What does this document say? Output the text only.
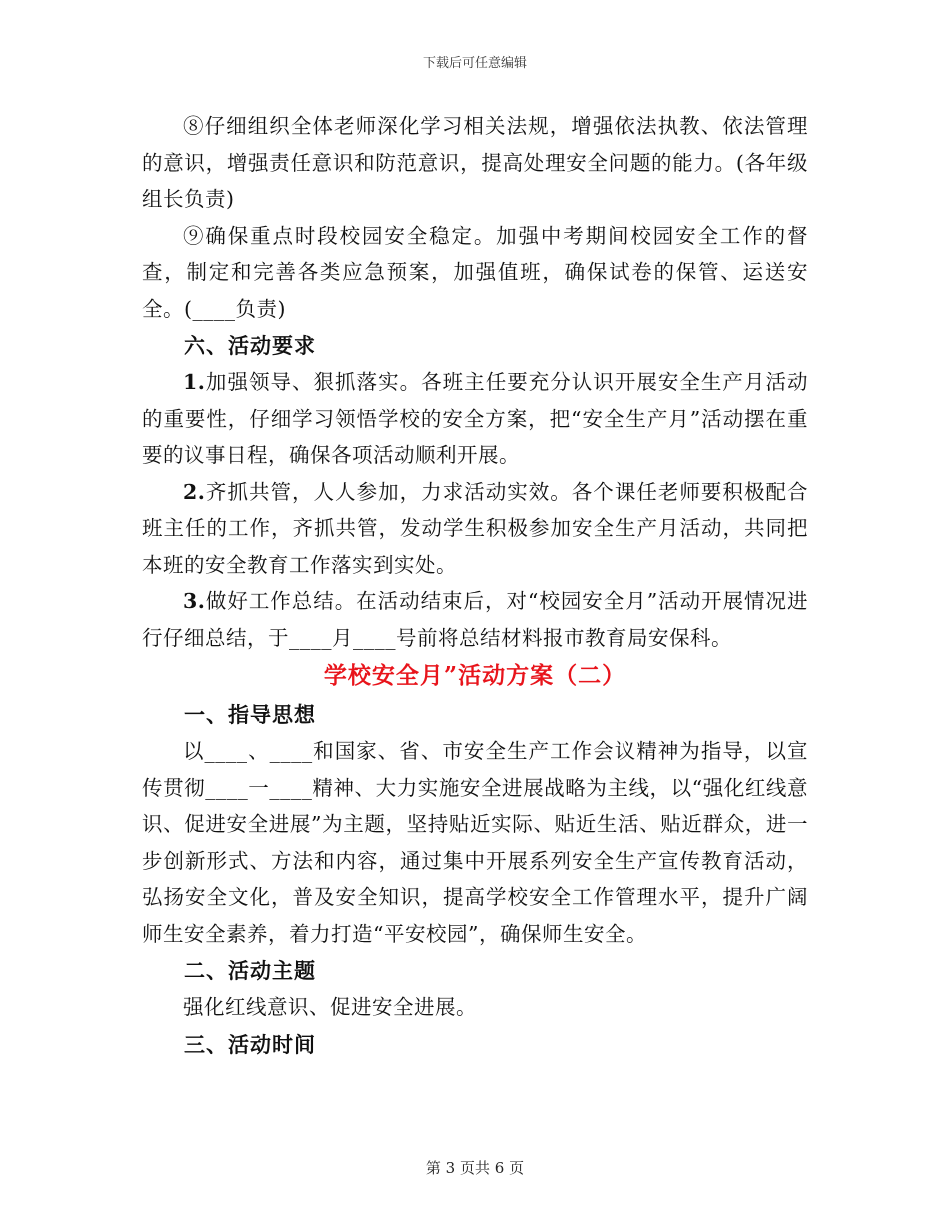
下载后可任意编辑

⑧仔细组织全体老师深化学习相关法规，增强依法执教、依法管理的意识，增强责任意识和防范意识，提高处理安全问题的能力。(各年级组长负责)

⑨确保重点时段校园安全稳定。加强中考期间校园安全工作的督查，制定和完善各类应急预案，加强值班，确保试卷的保管、运送安全。(____负责)

六、活动要求

1.加强领导、狠抓落实。各班主任要充分认识开展安全生产月活动的重要性，仔细学习领悟学校的安全方案，把“安全生产月”活动摆在重要的议事日程，确保各项活动顺利开展。

2.齐抓共管，人人参加，力求活动实效。各个课任老师要积极配合班主任的工作，齐抓共管，发动学生积极参加安全生产月活动，共同把本班的安全教育工作落实到实处。

3.做好工作总结。在活动结束后，对“校园安全月”活动开展情况进行仔细总结，于____月____号前将总结材料报市教育局安保科。

学校安全月”活动方案（二）

一、指导思想

以____、____和国家、省、市安全生产工作会议精神为指导，以宣传贯彻____一____精神、大力实施安全进展战略为主线，以“强化红线意识、促进安全进展”为主题，坚持贴近实际、贴近生活、贴近群众，进一步创新形式、方法和内容，通过集中开展系列安全生产宣传教育活动，弘扬安全文化，普及安全知识，提高学校安全工作管理水平，提升广阔师生安全素养，着力打造“平安校园”，确保师生安全。

二、活动主题

强化红线意识、促进安全进展。

三、活动时间

第 3 页共 6 页
